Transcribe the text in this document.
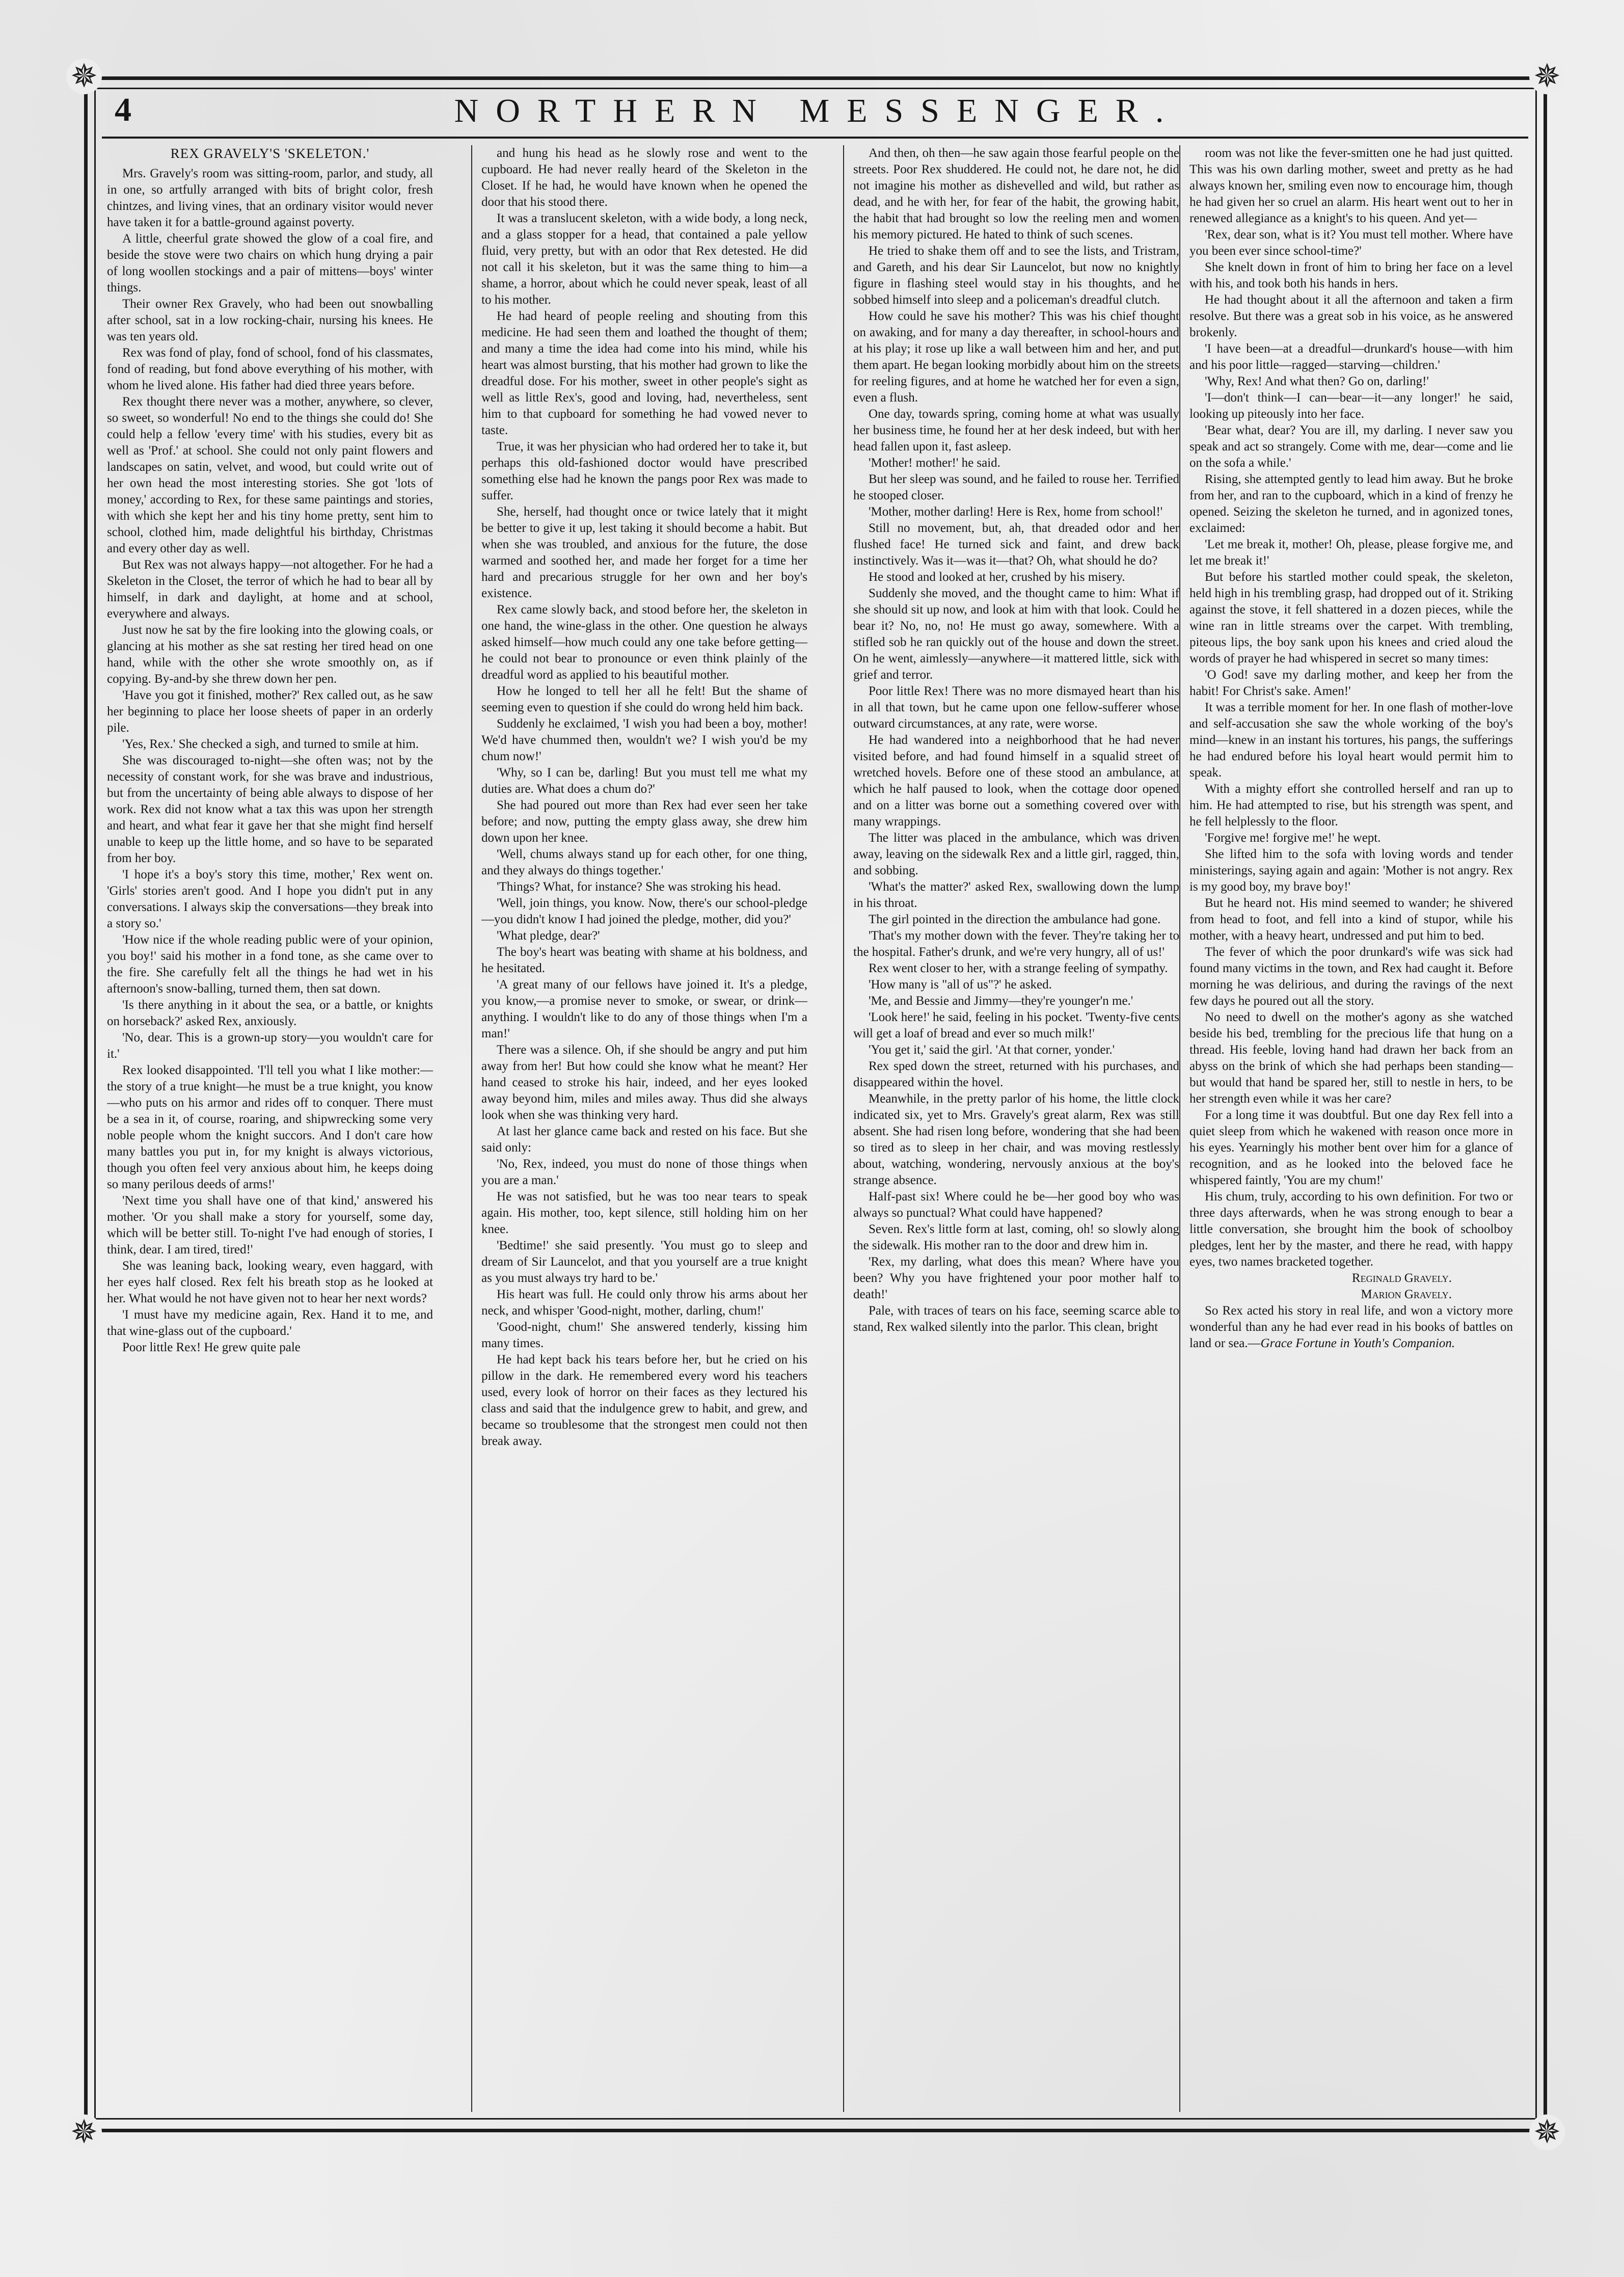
✵	✵
✵	✵
4	NORTHERN MESSENGER.
REX GRAVELY'S 'SKELETON.'

Mrs. Gravely's room was sitting-room, parlor, and study, all in one, so artfully arranged with bits of bright color, fresh chintzes, and living vines, that an ordinary visitor would never have taken it for a battle-ground against poverty.

A little, cheerful grate showed the glow of a coal fire, and beside the stove were two chairs on which hung drying a pair of long woollen stockings and a pair of mittens—boys' winter things.

Their owner Rex Gravely, who had been out snowballing after school, sat in a low rocking-chair, nursing his knees. He was ten years old.

Rex was fond of play, fond of school, fond of his classmates, fond of reading, but fond above everything of his mother, with whom he lived alone. His father had died three years before.

Rex thought there never was a mother, anywhere, so clever, so sweet, so wonderful! No end to the things she could do! She could help a fellow 'every time' with his studies, every bit as well as 'Prof.' at school. She could not only paint flowers and landscapes on satin, velvet, and wood, but could write out of her own head the most interesting stories. She got 'lots of money,' according to Rex, for these same paintings and stories, with which she kept her and his tiny home pretty, sent him to school, clothed him, made delightful his birthday, Christmas and every other day as well.

But Rex was not always happy—not altogether. For he had a Skeleton in the Closet, the terror of which he had to bear all by himself, in dark and daylight, at home and at school, everywhere and always.

Just now he sat by the fire looking into the glowing coals, or glancing at his mother as she sat resting her tired head on one hand, while with the other she wrote smoothly on, as if copying. By-and-by she threw down her pen.

'Have you got it finished, mother?' Rex called out, as he saw her beginning to place her loose sheets of paper in an orderly pile.

'Yes, Rex.' She checked a sigh, and turned to smile at him.

She was discouraged to-night—she often was; not by the necessity of constant work, for she was brave and industrious, but from the uncertainty of being able always to dispose of her work. Rex did not know what a tax this was upon her strength and heart, and what fear it gave her that she might find herself unable to keep up the little home, and so have to be separated from her boy.

'I hope it's a boy's story this time, mother,' Rex went on. 'Girls' stories aren't good. And I hope you didn't put in any conversations. I always skip the conversations—they break into a story so.'

'How nice if the whole reading public were of your opinion, you boy!' said his mother in a fond tone, as she came over to the fire. She carefully felt all the things he had wet in his afternoon's snow-balling, turned them, then sat down.

'Is there anything in it about the sea, or a battle, or knights on horseback?' asked Rex, anxiously.

'No, dear. This is a grown-up story—you wouldn't care for it.'

Rex looked disappointed. 'I'll tell you what I like mother:—the story of a true knight—he must be a true knight, you know—who puts on his armor and rides off to conquer. There must be a sea in it, of course, roaring, and shipwrecking some very noble people whom the knight succors. And I don't care how many battles you put in, for my knight is always victorious, though you often feel very anxious about him, he keeps doing so many perilous deeds of arms!'

'Next time you shall have one of that kind,' answered his mother. 'Or you shall make a story for yourself, some day, which will be better still. To-night I've had enough of stories, I think, dear. I am tired, tired!'

She was leaning back, looking weary, even haggard, with her eyes half closed. Rex felt his breath stop as he looked at her. What would he not have given not to hear her next words?

'I must have my medicine again, Rex. Hand it to me, and that wine-glass out of the cupboard.'

Poor little Rex! He grew quite pale

and hung his head as he slowly rose and went to the cupboard. He had never really heard of the Skeleton in the Closet. If he had, he would have known when he opened the door that his stood there.

It was a translucent skeleton, with a wide body, a long neck, and a glass stopper for a head, that contained a pale yellow fluid, very pretty, but with an odor that Rex detested. He did not call it his skeleton, but it was the same thing to him—a shame, a horror, about which he could never speak, least of all to his mother.

He had heard of people reeling and shouting from this medicine. He had seen them and loathed the thought of them; and many a time the idea had come into his mind, while his heart was almost bursting, that his mother had grown to like the dreadful dose. For his mother, sweet in other people's sight as well as little Rex's, good and loving, had, nevertheless, sent him to that cupboard for something he had vowed never to taste.

True, it was her physician who had ordered her to take it, but perhaps this old-fashioned doctor would have prescribed something else had he known the pangs poor Rex was made to suffer.

She, herself, had thought once or twice lately that it might be better to give it up, lest taking it should become a habit. But when she was troubled, and anxious for the future, the dose warmed and soothed her, and made her forget for a time her hard and precarious struggle for her own and her boy's existence.

Rex came slowly back, and stood before her, the skeleton in one hand, the wine-glass in the other. One question he always asked himself—how much could any one take before getting—he could not bear to pronounce or even think plainly of the dreadful word as applied to his beautiful mother.

How he longed to tell her all he felt! But the shame of seeming even to question if she could do wrong held him back.

Suddenly he exclaimed, 'I wish you had been a boy, mother! We'd have chummed then, wouldn't we? I wish you'd be my chum now!'

'Why, so I can be, darling! But you must tell me what my duties are. What does a chum do?'

She had poured out more than Rex had ever seen her take before; and now, putting the empty glass away, she drew him down upon her knee.

'Well, chums always stand up for each other, for one thing, and they always do things together.'

'Things? What, for instance? She was stroking his head.

'Well, join things, you know. Now, there's our school-pledge—you didn't know I had joined the pledge, mother, did you?'

'What pledge, dear?'

The boy's heart was beating with shame at his boldness, and he hesitated.

'A great many of our fellows have joined it. It's a pledge, you know,—a promise never to smoke, or swear, or drink—anything. I wouldn't like to do any of those things when I'm a man!'

There was a silence. Oh, if she should be angry and put him away from her! But how could she know what he meant? Her hand ceased to stroke his hair, indeed, and her eyes looked away beyond him, miles and miles away. Thus did she always look when she was thinking very hard.

At last her glance came back and rested on his face. But she said only:

'No, Rex, indeed, you must do none of those things when you are a man.'

He was not satisfied, but he was too near tears to speak again. His mother, too, kept silence, still holding him on her knee.

'Bedtime!' she said presently. 'You must go to sleep and dream of Sir Launcelot, and that you yourself are a true knight as you must always try hard to be.'

His heart was full. He could only throw his arms about her neck, and whisper 'Good-night, mother, darling, chum!'

'Good-night, chum!' She answered tenderly, kissing him many times.

He had kept back his tears before her, but he cried on his pillow in the dark. He remembered every word his teachers used, every look of horror on their faces as they lectured his class and said that the indulgence grew to habit, and grew, and became so troublesome that the strongest men could not then break away.

And then, oh then—he saw again those fearful people on the streets. Poor Rex shuddered. He could not, he dare not, he did not imagine his mother as dishevelled and wild, but rather as dead, and he with her, for fear of the habit, the growing habit, the habit that had brought so low the reeling men and women his memory pictured. He hated to think of such scenes.

He tried to shake them off and to see the lists, and Tristram, and Gareth, and his dear Sir Launcelot, but now no knightly figure in flashing steel would stay in his thoughts, and he sobbed himself into sleep and a policeman's dreadful clutch.

How could he save his mother? This was his chief thought on awaking, and for many a day thereafter, in school-hours and at his play; it rose up like a wall between him and her, and put them apart. He began looking morbidly about him on the streets for reeling figures, and at home he watched her for even a sign, even a flush.

One day, towards spring, coming home at what was usually her business time, he found her at her desk indeed, but with her head fallen upon it, fast asleep.

'Mother! mother!' he said.

But her sleep was sound, and he failed to rouse her. Terrified he stooped closer.

'Mother, mother darling! Here is Rex, home from school!'

Still no movement, but, ah, that dreaded odor and her flushed face! He turned sick and faint, and drew back instinctively. Was it—was it—that? Oh, what should he do?

He stood and looked at her, crushed by his misery.

Suddenly she moved, and the thought came to him: What if she should sit up now, and look at him with that look. Could he bear it? No, no, no! He must go away, somewhere. With a stifled sob he ran quickly out of the house and down the street. On he went, aimlessly—anywhere—it mattered little, sick with grief and terror.

Poor little Rex! There was no more dismayed heart than his in all that town, but he came upon one fellow-sufferer whose outward circumstances, at any rate, were worse.

He had wandered into a neighborhood that he had never visited before, and had found himself in a squalid street of wretched hovels. Before one of these stood an ambulance, at which he half paused to look, when the cottage door opened and on a litter was borne out a something covered over with many wrappings.

The litter was placed in the ambulance, which was driven away, leaving on the sidewalk Rex and a little girl, ragged, thin, and sobbing.

'What's the matter?' asked Rex, swallowing down the lump in his throat.

The girl pointed in the direction the ambulance had gone.

'That's my mother down with the fever. They're taking her to the hospital. Father's drunk, and we're very hungry, all of us!'

Rex went closer to her, with a strange feeling of sympathy.

'How many is "all of us"?' he asked.

'Me, and Bessie and Jimmy—they're younger'n me.'

'Look here!' he said, feeling in his pocket. 'Twenty-five cents will get a loaf of bread and ever so much milk!'

'You get it,' said the girl. 'At that corner, yonder.'

Rex sped down the street, returned with his purchases, and disappeared within the hovel.

Meanwhile, in the pretty parlor of his home, the little clock indicated six, yet to Mrs. Gravely's great alarm, Rex was still absent. She had risen long before, wondering that she had been so tired as to sleep in her chair, and was moving restlessly about, watching, wondering, nervously anxious at the boy's strange absence.

Half-past six! Where could he be—her good boy who was always so punctual? What could have happened?

Seven. Rex's little form at last, coming, oh! so slowly along the sidewalk. His mother ran to the door and drew him in.

'Rex, my darling, what does this mean? Where have you been? Why you have frightened your poor mother half to death!'

Pale, with traces of tears on his face, seeming scarce able to stand, Rex walked silently into the parlor. This clean, bright

room was not like the fever-smitten one he had just quitted. This was his own darling mother, sweet and pretty as he had always known her, smiling even now to encourage him, though he had given her so cruel an alarm. His heart went out to her in renewed allegiance as a knight's to his queen. And yet—

'Rex, dear son, what is it? You must tell mother. Where have you been ever since school-time?'

She knelt down in front of him to bring her face on a level with his, and took both his hands in hers.

He had thought about it all the afternoon and taken a firm resolve. But there was a great sob in his voice, as he answered brokenly.

'I have been—at a dreadful—drunkard's house—with him and his poor little—ragged—starving—children.'

'Why, Rex! And what then? Go on, darling!'

'I—don't think—I can—bear—it—any longer!' he said, looking up piteously into her face.

'Bear what, dear? You are ill, my darling. I never saw you speak and act so strangely. Come with me, dear—come and lie on the sofa a while.'

Rising, she attempted gently to lead him away. But he broke from her, and ran to the cupboard, which in a kind of frenzy he opened. Seizing the skeleton he turned, and in agonized tones, exclaimed:

'Let me break it, mother! Oh, please, please forgive me, and let me break it!'

But before his startled mother could speak, the skeleton, held high in his trembling grasp, had dropped out of it. Striking against the stove, it fell shattered in a dozen pieces, while the wine ran in little streams over the carpet. With trembling, piteous lips, the boy sank upon his knees and cried aloud the words of prayer he had whispered in secret so many times:

'O God! save my darling mother, and keep her from the habit! For Christ's sake. Amen!'

It was a terrible moment for her. In one flash of mother-love and self-accusation she saw the whole working of the boy's mind—knew in an instant his tortures, his pangs, the sufferings he had endured before his loyal heart would permit him to speak.

With a mighty effort she controlled herself and ran up to him. He had attempted to rise, but his strength was spent, and he fell helplessly to the floor.

'Forgive me! forgive me!' he wept.

She lifted him to the sofa with loving words and tender ministerings, saying again and again: 'Mother is not angry. Rex is my good boy, my brave boy!'

But he heard not. His mind seemed to wander; he shivered from head to foot, and fell into a kind of stupor, while his mother, with a heavy heart, undressed and put him to bed.

The fever of which the poor drunkard's wife was sick had found many victims in the town, and Rex had caught it. Before morning he was delirious, and during the ravings of the next few days he poured out all the story.

No need to dwell on the mother's agony as she watched beside his bed, trembling for the precious life that hung on a thread. His feeble, loving hand had drawn her back from an abyss on the brink of which she had perhaps been standing—but would that hand be spared her, still to nestle in hers, to be her strength even while it was her care?

For a long time it was doubtful. But one day Rex fell into a quiet sleep from which he wakened with reason once more in his eyes. Yearningly his mother bent over him for a glance of recognition, and as he looked into the beloved face he whispered faintly, 'You are my chum!'

His chum, truly, according to his own definition. For two or three days afterwards, when he was strong enough to bear a little conversation, she brought him the book of schoolboy pledges, lent her by the master, and there he read, with happy eyes, two names bracketed together.

Reginald Gravely.
Marion Gravely.

So Rex acted his story in real life, and won a victory more wonderful than any he had ever read in his books of battles on land or sea.—Grace Fortune in Youth's Companion.
